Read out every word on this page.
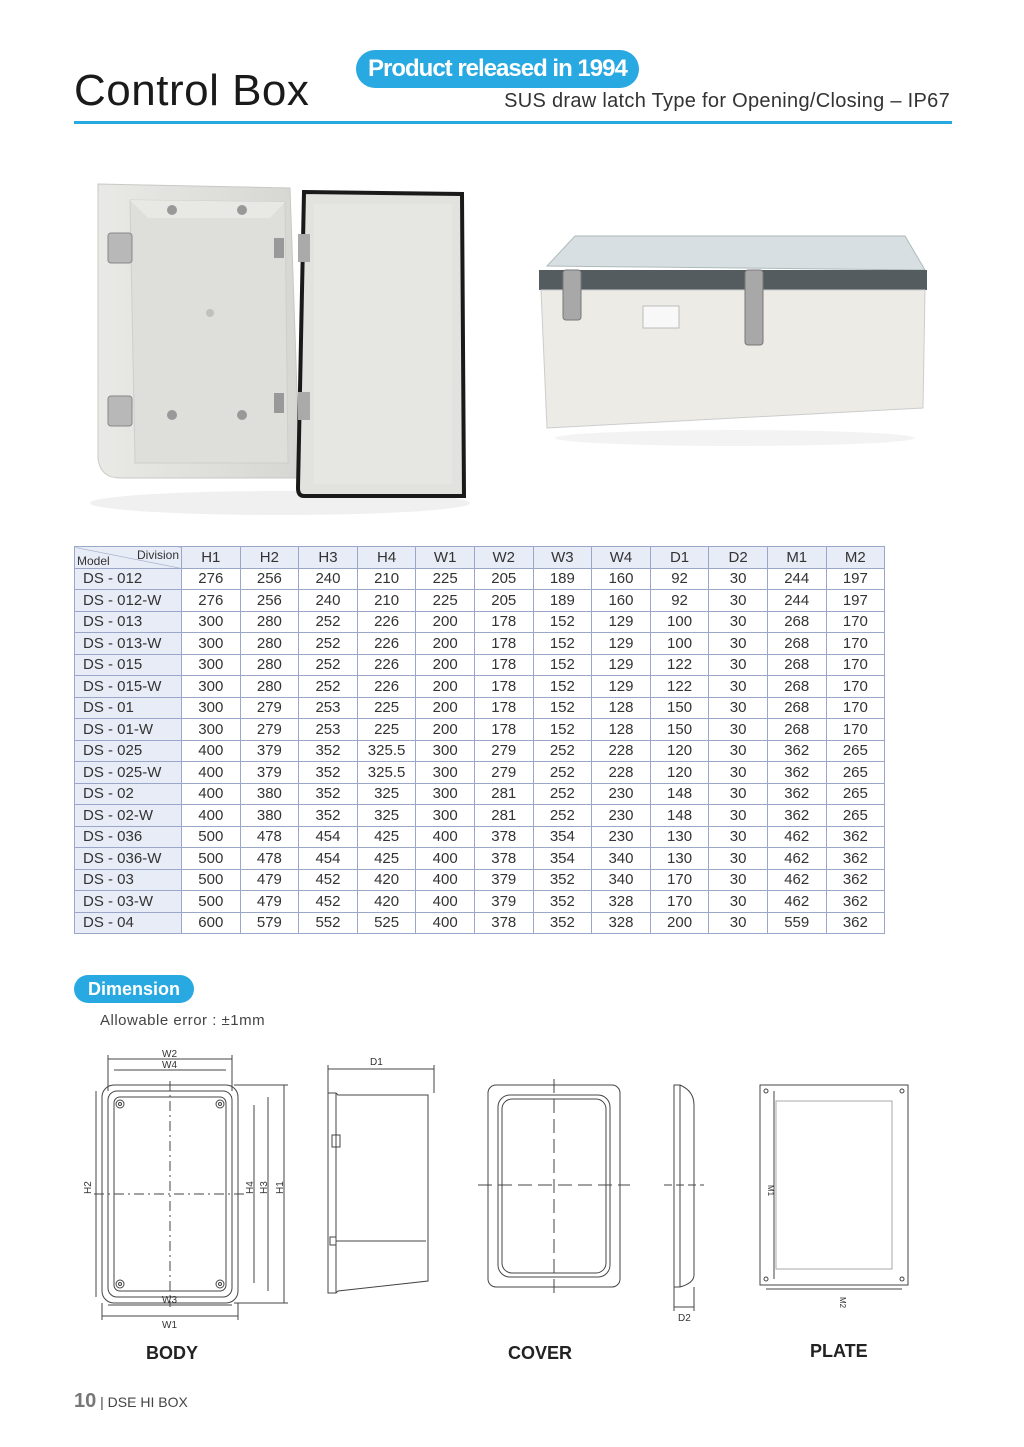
Control Box	Product released in 1994
SUS draw latch Type for Opening/Closing – IP67
Division
Model	H1	H2	H3	H4	W1	W2	W3	W4	D1	D2	M1	M2
DS - 012	276	256	240	210	225	205	189	160	92	30	244	197
DS - 012-W	276	256	240	210	225	205	189	160	92	30	244	197
DS - 013	300	280	252	226	200	178	152	129	100	30	268	170
DS - 013-W	300	280	252	226	200	178	152	129	100	30	268	170
DS - 015	300	280	252	226	200	178	152	129	122	30	268	170
DS - 015-W	300	280	252	226	200	178	152	129	122	30	268	170
DS - 01	300	279	253	225	200	178	152	128	150	30	268	170
DS - 01-W	300	279	253	225	200	178	152	128	150	30	268	170
DS - 025	400	379	352	325.5	300	279	252	228	120	30	362	265
DS - 025-W	400	379	352	325.5	300	279	252	228	120	30	362	265
DS - 02	400	380	352	325	300	281	252	230	148	30	362	265
DS - 02-W	400	380	352	325	300	281	252	230	148	30	362	265
DS - 036	500	478	454	425	400	378	354	230	130	30	462	362
DS - 036-W	500	478	454	425	400	378	354	340	130	30	462	362
DS - 03	500	479	452	420	400	379	352	340	170	30	462	362
DS - 03-W	500	479	452	420	400	379	352	328	170	30	462	362
DS - 04	600	579	552	525	400	378	352	328	200	30	559	362
Dimension
Allowable error : ±1mm
W2
W4
W3
W1
H2	H4 H3 H1
D1
D2
M1
M2
BODY	COVER	PLATE
10 | DSE HI BOX
